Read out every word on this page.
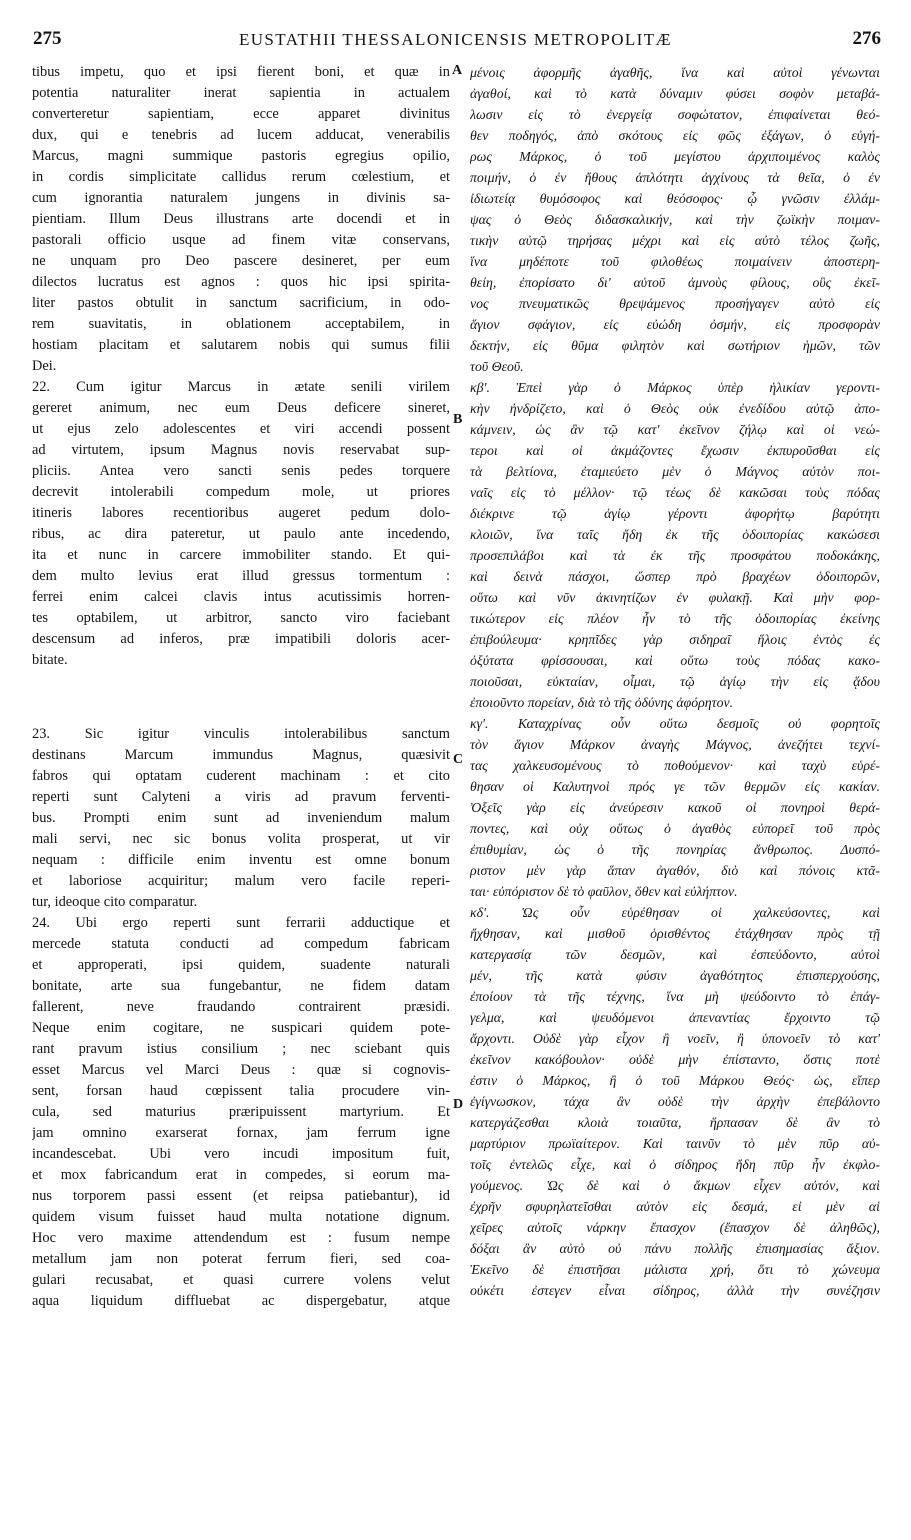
275	EUSTATHII THESSALONICENSIS METROPOLITÆ	276
A
B
C
D
tibus impetu, quo et ipsi fierent boni, et quæ in
potentia naturaliter inerat sapientia in actualem
converteretur sapientiam, ecce apparet divinitus
dux, qui e tenebris ad lucem adducat, venerabilis
Marcus, magni summique pastoris egregius opilio,
in cordis simplicitate callidus rerum cœlestium, et
cum ignorantia naturalem jungens in divinis sa-
pientiam. Illum Deus illustrans arte docendi et in
pastorali officio usque ad finem vitæ conservans,
ne unquam pro Deo pascere desineret, per eum
dilectos lucratus est agnos : quos hic ipsi spirita-
liter pastos obtulit in sanctum sacrificium, in odo-
rem suavitatis, in oblationem acceptabilem, in
hostiam placitam et salutarem nobis qui sumus filii
Dei.
22. Cum igitur Marcus in ætate senili virilem
gereret animum, nec eum Deus deficere sineret,
ut ejus zelo adolescentes et viri accendi possent
ad virtutem, ipsum Magnus novis reservabat sup-
pliciis. Antea vero sancti senis pedes torquere
decrevit intolerabili compedum mole, ut priores
itineris labores recentioribus augeret pedum dolo-
ribus, ac dira pateretur, ut paulo ante incedendo,
ita et nunc in carcere immobiliter stando. Et qui-
dem multo levius erat illud gressus tormentum :
ferrei enim calcei clavis intus acutissimis horren-
tes optabilem, ut arbitror, sancto viro faciebant
descensum ad inferos, præ impatibili doloris acer-
bitate.
23. Sic igitur vinculis intolerabilibus sanctum
destinans Marcum immundus Magnus, quæsivit
fabros qui optatam cuderent machinam : et cito
reperti sunt Calyteni a viris ad pravum ferventi-
bus. Prompti enim sunt ad inveniendum malum
mali servi, nec sic bonus volita prosperat, ut vir
nequam : difficile enim inventu est omne bonum
et laboriose acquiritur; malum vero facile reperi-
tur, ideoque cito comparatur.
24. Ubi ergo reperti sunt ferrarii adductique et
mercede statuta conducti ad compedum fabricam
et approperati, ipsi quidem, suadente naturali
bonitate, arte sua fungebantur, ne fidem datam
fallerent, neve fraudando contrairent præsidi.
Neque enim cogitare, ne suspicari quidem pote-
rant pravum istius consilium ; nec sciebant quis
esset Marcus vel Marci Deus : quæ si cognovis-
sent, forsan haud cœpissent talia procudere vin-
cula, sed maturius præripuissent martyrium. Et
jam omnino exarserat fornax, jam ferrum igne
incandescebat. Ubi vero incudi impositum fuit,
et mox fabricandum erat in compedes, si eorum ma-
nus torporem passi essent (et reipsa patiebantur), id
quidem visum fuisset haud multa notatione dignum.
Hoc vero maxime attendendum est : fusum nempe
metallum jam non poterat ferrum fieri, sed coa-
gulari recusabat, et quasi currere volens velut
aqua liquidum diffluebat ac dispergebatur, atque
μένοις ἀφορμῆς ἀγαθῆς, ἵνα καὶ αὐτοὶ γένωνται
ἀγαθοί, καὶ τὸ κατὰ δύναμιν φύσει σοφὸν μεταβά-
λωσιν εἰς τὸ ἐνεργείᾳ σοφώτατον, ἐπιφαίνεται θεό-
θεν ποδηγός, ἀπὸ σκότους εἰς φῶς ἐξάγων, ὁ εὐγή-
ρως Μάρκος, ὁ τοῦ μεγίστου ἀρχιποιμένος καλὸς
ποιμήν, ὁ ἐν ἤθους ἁπλότητι ἀγχίνους τὰ θεῖα, ὁ ἐν
ἰδιωτείᾳ θυμόσοφος καὶ θεόσοφος· ᾧ γνῶσιν ἐλλάμ-
ψας ὁ Θεὸς διδασκαλικήν, καὶ τὴν ζωϊκὴν ποιμαν-
τικὴν αὐτῷ τηρήσας μέχρι καὶ εἰς αὐτὸ τέλος ζωῆς,
ἵνα μηδέποτε τοῦ φιλοθέως ποιμαίνειν ἀποστερη-
θείη, ἐπορίσατο δι' αὐτοῦ ἀμνοὺς φίλους, οὓς ἐκεῖ-
νος πνευματικῶς θρεψάμενος προσήγαγεν αὐτὸ εἰς
ἅγιον σφάγιον, εἰς εὐώδη ὀσμήν, εἰς προσφορὰν
δεκτήν, εἰς θῦμα φιλητὸν καὶ σωτήριον ἡμῶν, τῶν
τοῦ Θεοῦ.
κβ'. Ἐπεὶ γὰρ ὁ Μάρκος ὑπὲρ ἡλικίαν γεροντι-
κὴν ἠνδρίζετο, καὶ ὁ Θεὸς οὐκ ἐνεδίδου αὐτῷ ἀπο-
κάμνειν, ὡς ἂν τῷ κατ' ἐκεῖνον ζήλῳ καὶ οἱ νεώ-
τεροι καὶ οἱ ἀκμάζοντες ἔχωσιν ἐκπυροῦσθαι εἰς
τὰ βελτίονα, ἐταμιεύετο μὲν ὁ Μάγνος αὐτὸν ποι-
ναῖς εἰς τὸ μέλλον· τῷ τέως δὲ κακῶσαι τοὺς πόδας
διέκρινε τῷ ἁγίῳ γέροντι ἀφορήτῳ βαρύτητι
κλοιῶν, ἵνα ταῖς ἤδη ἐκ τῆς ὁδοιπορίας κακώσεσι
προσεπιλάβοι καὶ τὰ ἐκ τῆς προσφάτου ποδοκάκης,
καὶ δεινὰ πάσχοι, ὥσπερ πρὸ βραχέων ὁδοιπορῶν,
οὕτω καὶ νῦν ἀκινητίζων ἐν φυλακῇ. Καὶ μὴν φορ-
τικώτερον εἰς πλέον ἦν τὸ τῆς ὁδοιπορίας ἐκείνης
ἐπιβούλευμα· κρηπῖδες γὰρ σιδηραῖ ἥλοις ἐντὸς ἐς
ὀξύτατα φρίσσουσαι, καὶ οὕτω τοὺς πόδας κακο-
ποιοῦσαι, εὐκταίαν, οἶμαι, τῷ ἁγίῳ τὴν εἰς ᾅδου
ἐποιοῦντο πορείαν, διὰ τὸ τῆς ὀδύνης ἀφόρητον.
κγ'. Καταχρίνας οὖν οὕτω δεσμοῖς οὐ φορητοῖς
τὸν ἅγιον Μάρκον ἀναγὴς Μάγνος, ἀνεζήτει τεχνί-
τας χαλκευσομένους τὸ ποθούμενον· καὶ ταχὺ εὑρέ-
θησαν οἱ Καλυτηνοὶ πρός γε τῶν θερμῶν εἰς κακίαν.
Ὀξεῖς γὰρ εἰς ἀνεύρεσιν κακοῦ οἱ πονηροὶ θερά-
ποντες, καὶ οὐχ οὕτως ὁ ἀγαθὸς εὐπορεῖ τοῦ πρὸς
ἐπιθυμίαν, ὡς ὁ τῆς πονηρίας ἄνθρωπος. Δυσπό-
ριστον μὲν γὰρ ἅπαν ἀγαθόν, διὸ καὶ πόνοις κτᾶ-
ται· εὐπόριστον δὲ τὸ φαῦλον, ὅθεν καὶ εὐλήπτον.
κδ'. Ὡς οὖν εὑρέθησαν οἱ χαλκεύσοντες, καὶ
ἤχθησαν, καὶ μισθοῦ ὁρισθέντος ἐτάχθησαν πρὸς τῇ
κατεργασίᾳ τῶν δεσμῶν, καὶ ἐσπεύδοντο, αὐτοὶ
μέν, τῆς κατὰ φύσιν ἀγαθότητος ἐπισπερχούσης,
ἐποίουν τὰ τῆς τέχνης, ἵνα μὴ ψεύδοιντο τὸ ἐπάγ-
γελμα, καὶ ψευδόμενοι ἀπεναντίας ἔρχοιντο τῷ
ἄρχοντι. Οὐδὲ γὰρ εἶχον ἢ νοεῖν, ἢ ὑπονοεῖν τὸ κατ'
ἐκεῖνον κακόβουλον· οὐδὲ μὴν ἐπίσταντο, ὅστις ποτὲ
ἐστιν ὁ Μάρκος, ἢ ὁ τοῦ Μάρκου Θεός· ὡς, εἴπερ
ἐγίγνωσκον, τάχα ἂν οὐδὲ τὴν ἀρχὴν ἐπεβάλοντο
κατεργάζεσθαι κλοιὰ τοιαῦτα, ἥρπασαν δὲ ἂν τὸ
μαρτύριον πρωϊαίτερον. Καὶ ταινῦν τὸ μὲν πῦρ αὐ-
τοῖς ἐντελῶς εἶχε, καὶ ὁ σίδηρος ἤδη πῦρ ἦν ἐκφλο-
γούμενος. Ὡς δὲ καὶ ὁ ἄκμων εἶχεν αὐτόν, καὶ
ἐχρῆν σφυρηλατεῖσθαι αὐτὸν εἰς δεσμά, εἰ μὲν αἱ
χεῖρες αὐτοῖς νάρκην ἔπασχον (ἔπασχον δὲ ἀληθῶς),
δόξαι ἂν αὐτὸ οὐ πάνυ πολλῆς ἐπισημασίας ἄξιον.
Ἐκεῖνο δὲ ἐπιστῆσαι μάλιστα χρή, ὅτι τὸ χώνευμα
οὐκέτι ἐστεγεν εἶναι σίδηρος, ἀλλὰ τὴν συνέζησιν
